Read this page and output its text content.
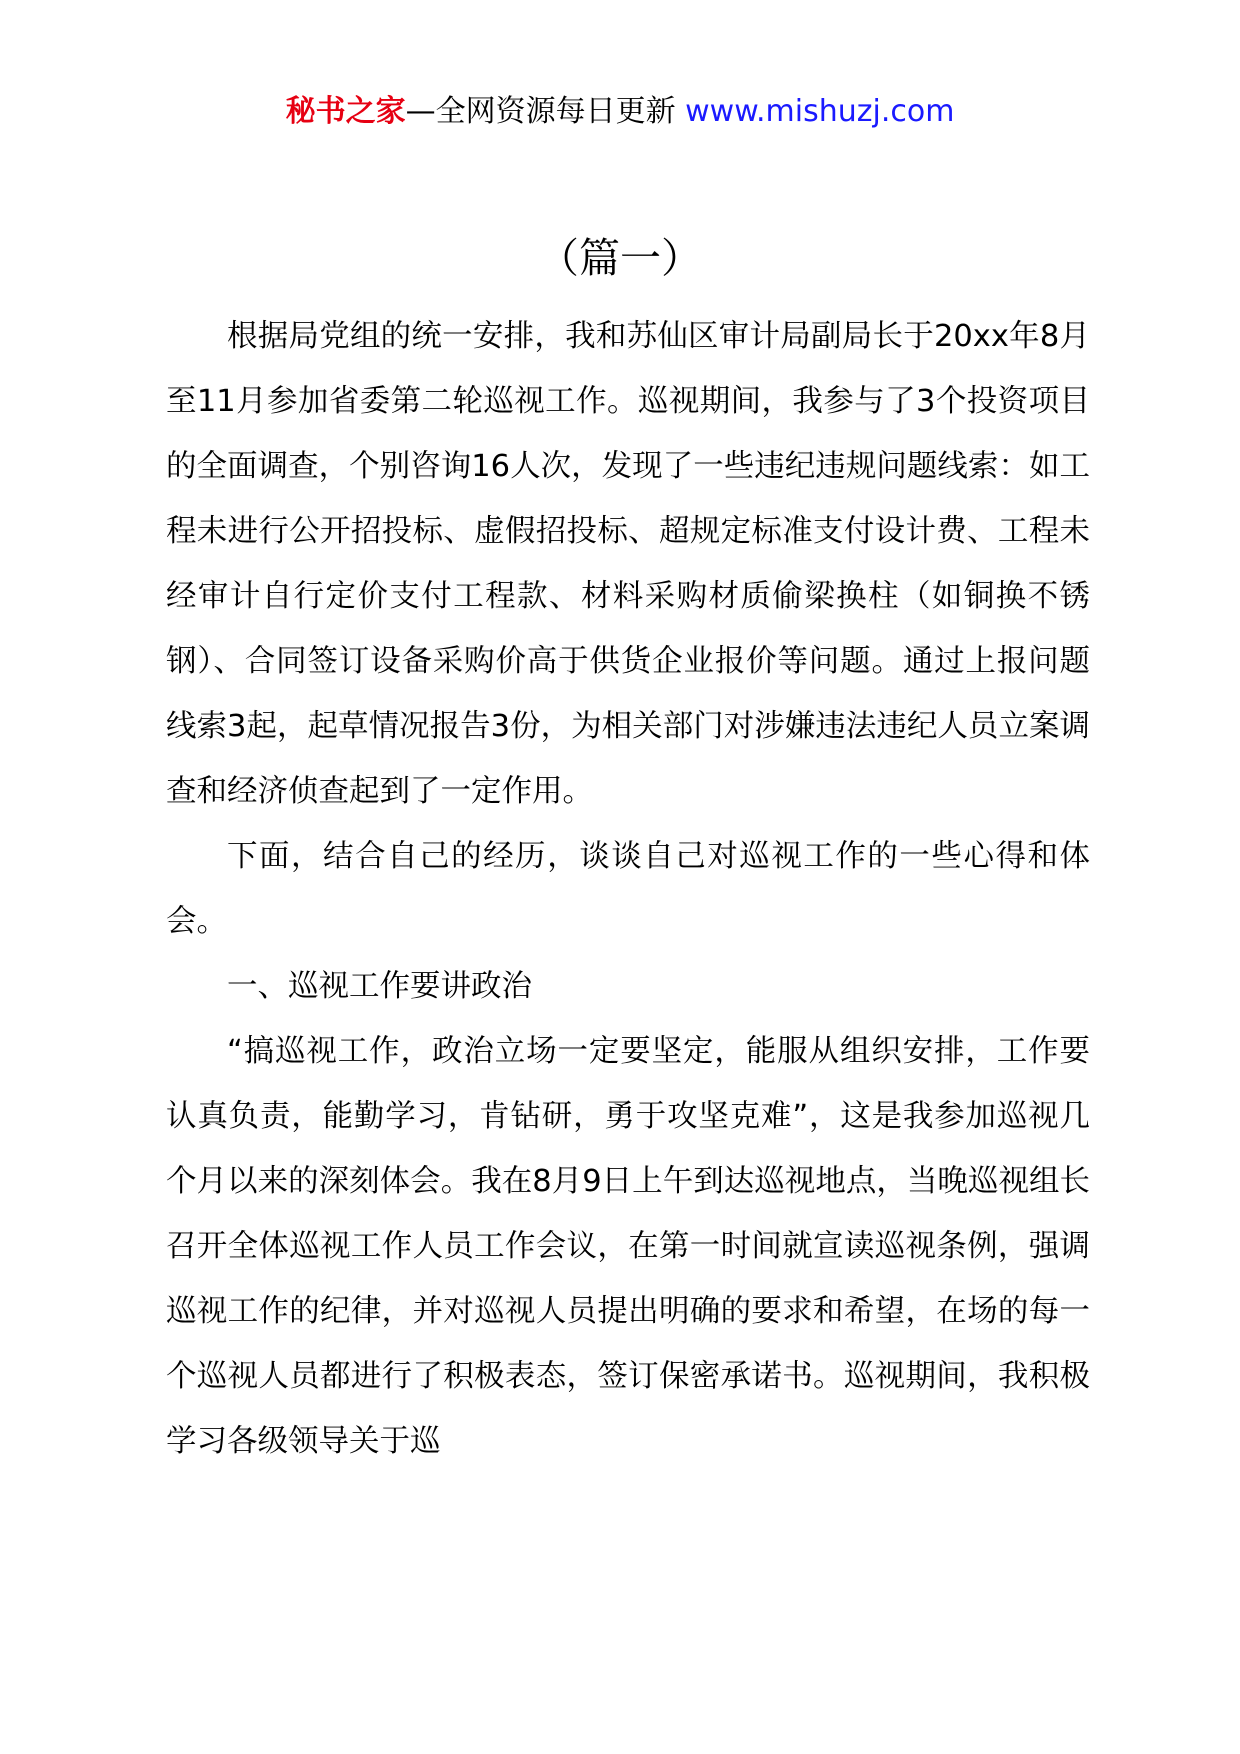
秘书之家—全网资源每日更新 www.mishuzj.com
（篇一）

根据局党组的统一安排，我和苏仙区审计局副局长于20xx年8月至11月参加省委第二轮巡视工作。巡视期间，我参与了3个投资项目的全面调查，个别咨询16人次，发现了一些违纪违规问题线索：如工程未进行公开招投标、虚假招投标、超规定标准支付设计费、工程未经审计自行定价支付工程款、材料采购材质偷梁换柱（如铜换不锈钢）、合同签订设备采购价高于供货企业报价等问题。通过上报问题线索3起，起草情况报告3份，为相关部门对涉嫌违法违纪人员立案调查和经济侦查起到了一定作用。

下面，结合自己的经历，谈谈自己对巡视工作的一些心得和体会。

一、巡视工作要讲政治

“搞巡视工作，政治立场一定要坚定，能服从组织安排，工作要认真负责，能勤学习，肯钻研，勇于攻坚克难”，这是我参加巡视几个月以来的深刻体会。我在8月9日上午到达巡视地点，当晚巡视组长召开全体巡视工作人员工作会议，在第一时间就宣读巡视条例，强调巡视工作的纪律，并对巡视人员提出明确的要求和希望，在场的每一个巡视人员都进行了积极表态，签订保密承诺书。巡视期间，我积极学习各级领导关于巡
